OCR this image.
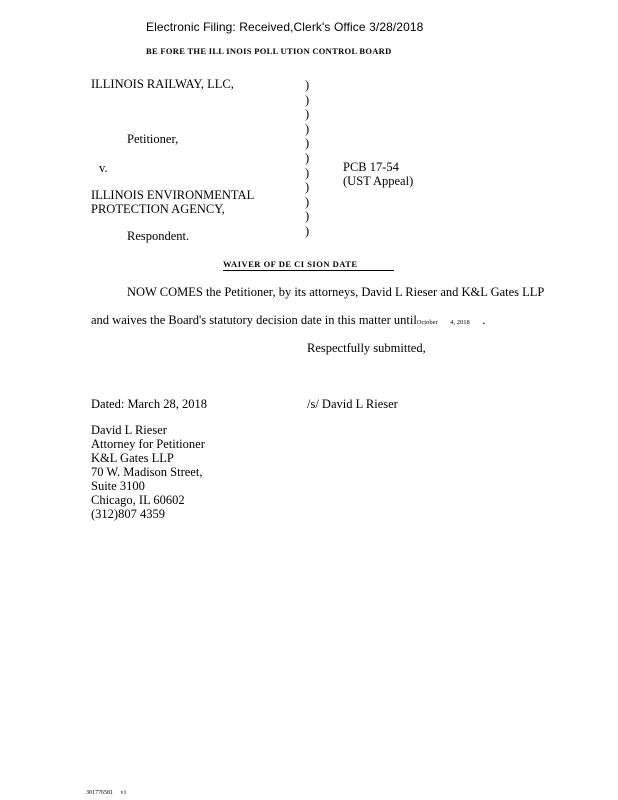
Electronic Filing: Received,Clerk's Office 3/28/2018
BE FORE THE ILL INOIS POLL UTION CONTROL BOARD
ILLINOIS RAILWAY, LLC,
Petitioner,
v.
ILLINOIS ENVIRONMENTAL
PROTECTION AGENCY,
Respondent.
)
)
)
)
)
)
)
)
)
)
)
PCB 17-54
(UST Appeal)
WAIVER OF DE CI SION DATE
NOW COMES the Petitioner, by its attorneys, David L Rieser and K&L Gates LLP
and waives the Board's statutory decision date in this matter untilOctober 4, 2018 .
Respectfully submitted,
Dated: March 28, 2018	/s/ David L Rieser
David L Rieser
Attorney for Petitioner
K&L Gates LLP
70 W. Madison Street,
Suite 3100
Chicago, IL 60602
(312)807 4359
301776581 v1
